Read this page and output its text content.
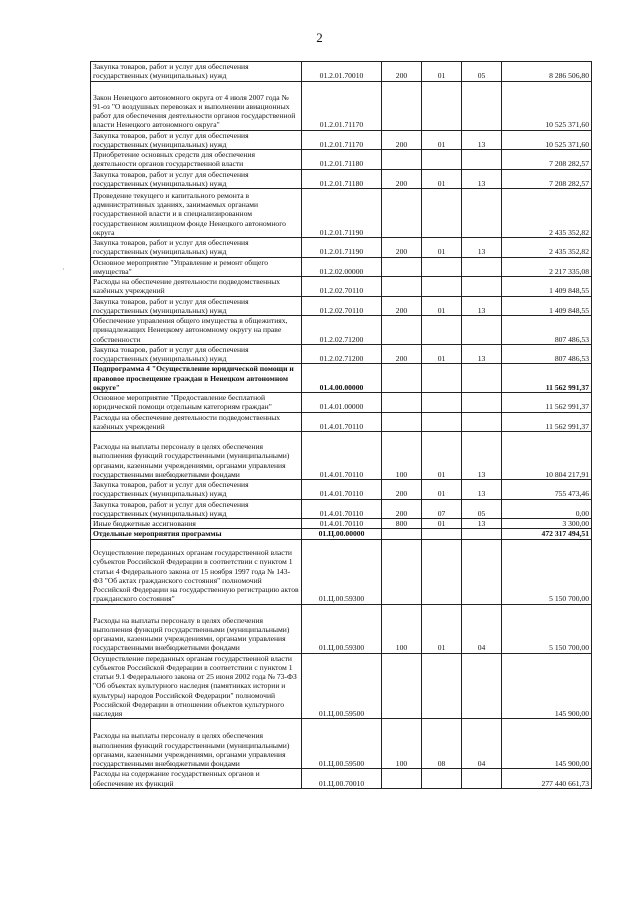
2
·
Закупка товаров, работ и услуг для обеспечения государственных (муниципальных) нужд	01.2.01.70010	200	01	05	8 286 506,80
Закон Ненецкого автономного округа от 4 июля 2007 года № 91-оз "О воздушных перевозках и выполнении авиационных работ для обеспечения деятельности органов государственной власти Ненецкого автономного округа"	01.2.01.71170				10 525 371,60
Закупка товаров, работ и услуг для обеспечения государственных (муниципальных) нужд	01.2.01.71170	200	01	13	10 525 371,60
Приобретение основных средств для обеспечения деятельности органов государственной власти	01.2.01.71180				7 208 282,57
Закупка товаров, работ и услуг для обеспечения государственных (муниципальных) нужд	01.2.01.71180	200	01	13	7 208 282,57
Проведение текущего и капитального ремонта в административных зданиях, занимаемых органами государственной власти и в специализированном государственном жилищном фонде Ненецкого автономного округа	01.2.01.71190				2 435 352,82
Закупка товаров, работ и услуг для обеспечения государственных (муниципальных) нужд	01.2.01.71190	200	01	13	2 435 352,82
Основное мероприятие "Управление и ремонт общего имущества"	01.2.02.00000				2 217 335,08
Расходы на обеспечение деятельности подведомственных казённых учреждений	01.2.02.70110				1 409 848,55
Закупка товаров, работ и услуг для обеспечения государственных (муниципальных) нужд	01.2.02.70110	200	01	13	1 409 848,55
Обеспечение управления общего имущества в общежитиях, принадлежащих Ненецкому автономному округу на праве собственности	01.2.02.71200				807 486,53
Закупка товаров, работ и услуг для обеспечения государственных (муниципальных) нужд	01.2.02.71200	200	01	13	807 486,53
Подпрограмма 4 "Осуществление юридической помощи и правовое просвещение граждан в Ненецком автономном округе"	01.4.00.00000				11 562 991,37
Основное мероприятие "Предоставление бесплатной юридической помощи отдельным категориям граждан"	01.4.01.00000				11 562 991,37
Расходы на обеспечение деятельности подведомственных казённых учреждений	01.4.01.70110				11 562 991,37
Расходы на выплаты персоналу в целях обеспечения выполнения функций государственными (муниципальными) органами, казенными учреждениями, органами управления государственными внебюджетными фондами	01.4.01.70110	100	01	13	10 804 217,91
Закупка товаров, работ и услуг для обеспечения государственных (муниципальных) нужд	01.4.01.70110	200	01	13	755 473,46
Закупка товаров, работ и услуг для обеспечения государственных (муниципальных) нужд	01.4.01.70110	200	07	05	0,00
Иные бюджетные ассигнования	01.4.01.70110	800	01	13	3 300,00
Отдельные мероприятия программы	01.Ц.00.00000				472 317 494,51
Осуществление переданных органам государственной власти субъектов Российской Федерации в соответствии с пунктом 1 статьи 4 Федерального закона от 15 ноября 1997 года № 143-ФЗ "Об актах гражданского состояния" полномочий Российской Федерации на государственную регистрацию актов гражданского состояния"	01.Ц.00.59300				5 150 700,00
Расходы на выплаты персоналу в целях обеспечения выполнения функций государственными (муниципальными) органами, казенными учреждениями, органами управления государственными внебюджетными фондами	01.Ц.00.59300	100	01	04	5 150 700,00
Осуществление переданных органам государственной власти субъектов Российской Федерации в соответствии с пунктом 1 статьи 9.1 Федерального закона от 25 июня 2002 года № 73-ФЗ "Об объектах культурного наследия (памятниках истории и культуры) народов Российской Федерации" полномочий Российской Федерации в отношении объектов культурного наследия	01.Ц.00.59500				145 900,00
Расходы на выплаты персоналу в целях обеспечения выполнения функций государственными (муниципальными) органами, казенными учреждениями, органами управления государственными внебюджетными фондами	01.Ц.00.59500	100	08	04	145 900,00
Расходы на содержание государственных органов и обеспечение их функций	01.Ц.00.70010				277 440 661,73
